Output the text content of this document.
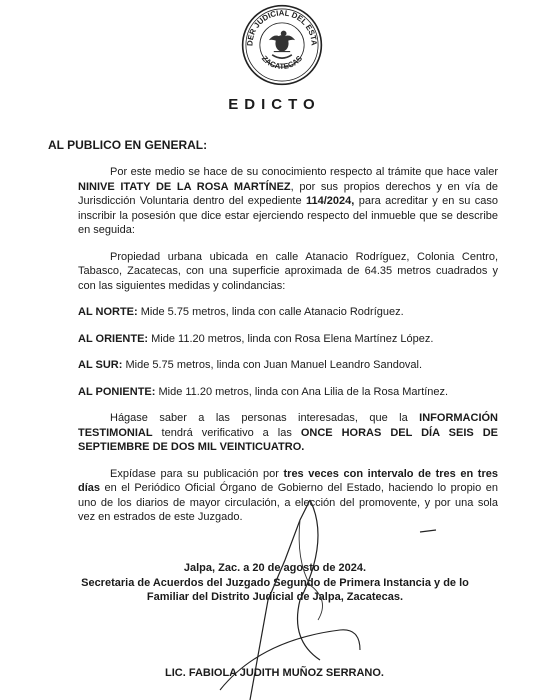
DER JUDICIAL DEL ESTA
ZACATECAS
EDICTO
AL PUBLICO EN GENERAL:

Por este medio se hace de su conocimiento respecto al trámite que hace valer NINIVE ITATY DE LA ROSA MARTÍNEZ, por sus propios derechos y en vía de Jurisdicción Voluntaria dentro del expediente 114/2024, para acreditar y en su caso inscribir la posesión que dice estar ejerciendo respecto del inmueble que se describe en seguida:

Propiedad urbana ubicada en calle Atanacio Rodríguez, Colonia Centro, Tabasco, Zacatecas, con una superficie aproximada de 64.35 metros cuadrados y con las siguientes medidas y colindancias:

AL NORTE: Mide 5.75 metros, linda con calle Atanacio Rodríguez.

AL ORIENTE: Mide 11.20 metros, linda con Rosa Elena Martínez López.

AL SUR: Mide 5.75 metros, linda con Juan Manuel Leandro Sandoval.

AL PONIENTE: Mide 11.20 metros, linda con Ana Lilia de la Rosa Martínez.

Hágase saber a las personas interesadas, que la INFORMACIÓN TESTIMONIAL tendrá verificativo a las ONCE HORAS DEL DÍA SEIS DE SEPTIEMBRE DE DOS MIL VEINTICUATRO.

Expídase para su publicación por tres veces con intervalo de tres en tres días en el Periódico Oficial Órgano de Gobierno del Estado, haciendo lo propio en uno de los diarios de mayor circulación, a elección del promovente, y por una sola vez en estrados de este Juzgado.

Jalpa, Zac. a 20 de agosto de 2024.
Secretaria de Acuerdos del Juzgado Segundo de Primera Instancia y de lo
Familiar del Distrito Judicial de Jalpa, Zacatecas.
LIC. FABIOLA JUDITH MUÑOZ SERRANO.
